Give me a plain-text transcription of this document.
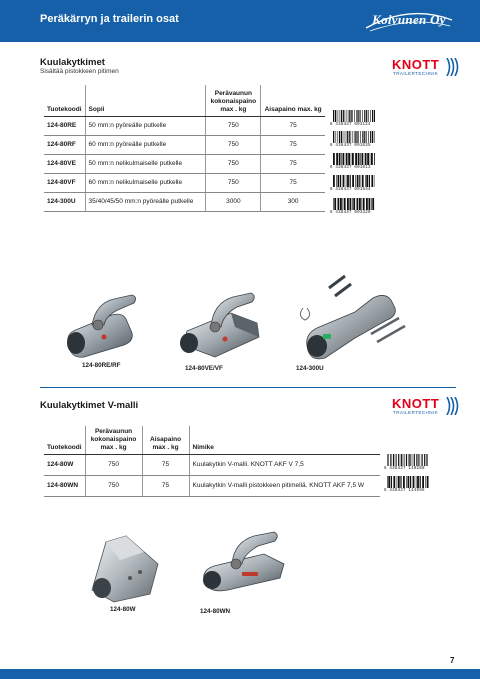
Peräkärryn ja trailerin osat	Koivunen Oy
Kuulakytkimet
Sisältää pistokkeen pitimen	KNOTT
TRAILERTECHNIK
Tuotekoodi	Sopii	Perävaunun kokonaispaino max . kg	Aisapaino max. kg
124-80RE	50 mm:n pyöreälle putkelle	750	75
124-80RF	60 mm:n pyöreälle putkelle	750	75
124-80VE	50 mm:n nelikulmaiselle putkelle	750	75
124-80VF	60 mm:n nelikulmaiselle putkelle	750	75
124-300U	35/40/45/50 mm:n pyöreälle putkelle	3000	300
6 438437 003124
6 438437 001635
6 438437 001613
6 438437 001644
6 438437 003328
124-80RE/RF	124-80VE/VF	124-300U
Kuulakytkimet V-malli	KNOTT
TRAILERTECHNIK
Tuotekoodi	Perävaunun kokonaispaino max . kg	Aisapaino max . kg	Nimike
124-80W	750	75	Kuulakytkin V-malli. KNOTT AKF V 7,5
124-80WN	750	75	Kuulakytkin V-malli pistokkeen pitimellä. KNOTT AKF 7,5 W
6 438437 140288
6 438437 144996
124-80W	124-80WN
7
